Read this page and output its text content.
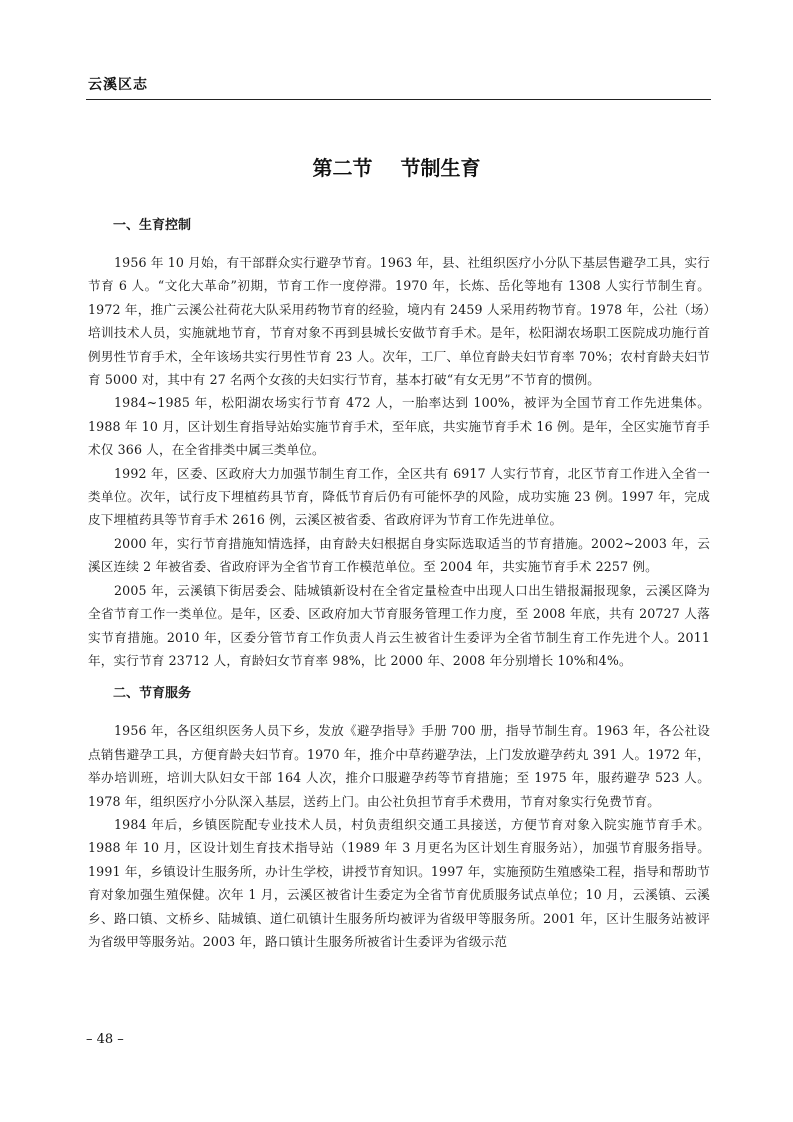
云溪区志
第二节 节制生育
一、生育控制

1956 年 10 月始，有干部群众实行避孕节育。1963 年，县、社组织医疗小分队下基层售避孕工具，实行节育 6 人。“文化大革命”初期，节育工作一度停滞。1970 年，长炼、岳化等地有 1308 人实行节制生育。1972 年，推广云溪公社荷花大队采用药物节育的经验，境内有 2459 人采用药物节育。1978 年，公社（场）培训技术人员，实施就地节育，节育对象不再到县城长安做节育手术。是年，松阳湖农场职工医院成功施行首例男性节育手术，全年该场共实行男性节育 23 人。次年，工厂、单位育龄夫妇节育率 70%；农村育龄夫妇节育 5000 对，其中有 27 名两个女孩的夫妇实行节育，基本打破“有女无男”不节育的惯例。

1984~1985 年，松阳湖农场实行节育 472 人，一胎率达到 100%，被评为全国节育工作先进集体。1988 年 10 月，区计划生育指导站始实施节育手术，至年底，共实施节育手术 16 例。是年，全区实施节育手术仅 366 人，在全省排类中属三类单位。

1992 年，区委、区政府大力加强节制生育工作，全区共有 6917 人实行节育，北区节育工作进入全省一类单位。次年，试行皮下埋植药具节育，降低节育后仍有可能怀孕的风险，成功实施 23 例。1997 年，完成皮下埋植药具等节育手术 2616 例，云溪区被省委、省政府评为节育工作先进单位。

2000 年，实行节育措施知情选择，由育龄夫妇根据自身实际选取适当的节育措施。2002~2003 年，云溪区连续 2 年被省委、省政府评为全省节育工作模范单位。至 2004 年，共实施节育手术 2257 例。

2005 年，云溪镇下街居委会、陆城镇新设村在全省定量检查中出现人口出生错报漏报现象，云溪区降为全省节育工作一类单位。是年，区委、区政府加大节育服务管理工作力度，至 2008 年底，共有 20727 人落实节育措施。2010 年，区委分管节育工作负责人肖云生被省计生委评为全省节制生育工作先进个人。2011 年，实行节育 23712 人，育龄妇女节育率 98%，比 2000 年、2008 年分别增长 10%和4%。

二、节育服务

1956 年，各区组织医务人员下乡，发放《避孕指导》手册 700 册，指导节制生育。1963 年，各公社设点销售避孕工具，方便育龄夫妇节育。1970 年，推介中草药避孕法，上门发放避孕药丸 391 人。1972 年，举办培训班，培训大队妇女干部 164 人次，推介口服避孕药等节育措施；至 1975 年，服药避孕 523 人。1978 年，组织医疗小分队深入基层，送药上门。由公社负担节育手术费用，节育对象实行免费节育。

1984 年后，乡镇医院配专业技术人员，村负责组织交通工具接送，方便节育对象入院实施节育手术。1988 年 10 月，区设计划生育技术指导站（1989 年 3 月更名为区计划生育服务站），加强节育服务指导。1991 年，乡镇设计生服务所，办计生学校，讲授节育知识。1997 年，实施预防生殖感染工程，指导和帮助节育对象加强生殖保健。次年 1 月，云溪区被省计生委定为全省节育优质服务试点单位；10 月，云溪镇、云溪乡、路口镇、文桥乡、陆城镇、道仁矶镇计生服务所均被评为省级甲等服务所。2001 年，区计生服务站被评为省级甲等服务站。2003 年，路口镇计生服务所被省计生委评为省级示范

– 48 –
